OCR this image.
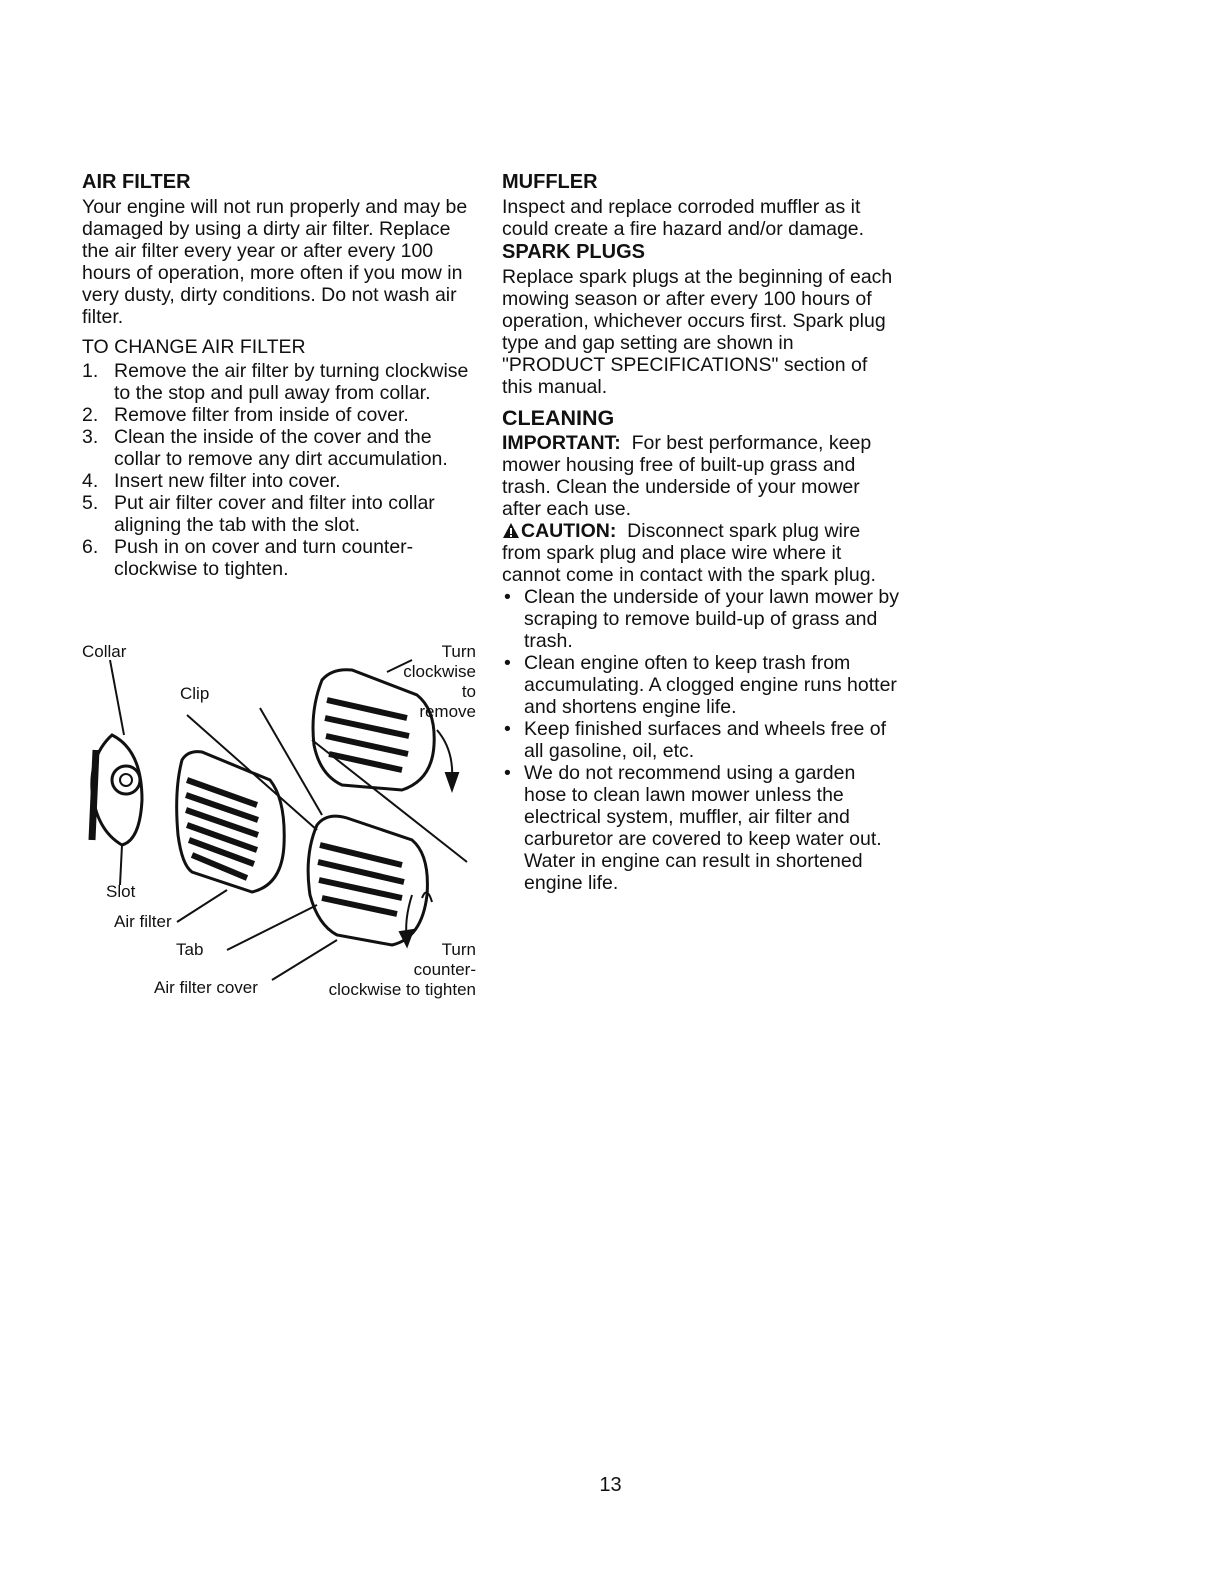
AIR FILTER

Your engine will not run properly and may be damaged by using a dirty air filter. Replace the air filter every year or after every 100 hours of operation, more often if you mow in very dusty, dirty conditions. Do not wash air filter.

TO CHANGE AIR FILTER

1. Remove the air filter by turning clockwise to the stop and pull away from collar.
2. Remove filter from inside of cover.
3. Clean the inside of the cover and the collar to remove any dirt accumulation.
4. Insert new filter into cover.
5. Put air filter cover and filter into collar aligning the tab with the slot.
6. Push in on cover and turn counter-clockwise to tighten.
Collar
Clip
Turn
clockwise
to
remove
Slot
Air filter
Tab
Air filter cover
Turn
counter-
clockwise to tighten
MUFFLER

Inspect and replace corroded muffler as it could create a fire hazard and/or damage.

SPARK PLUGS

Replace spark plugs at the beginning of each mowing season or after every 100 hours of operation, whichever occurs first. Spark plug type and gap setting are shown in "PRODUCT SPECIFICATIONS" section of this manual.

CLEANING

IMPORTANT: For best performance, keep mower housing free of built-up grass and trash. Clean the underside of your mower after each use.

CAUTION: Disconnect spark plug wire from spark plug and place wire where it cannot come in contact with the spark plug.

• Clean the underside of your lawn mower by scraping to remove build-up of grass and trash.
• Clean engine often to keep trash from accumulating. A clogged engine runs hotter and shortens engine life.
• Keep finished surfaces and wheels free of all gasoline, oil, etc.
• We do not recommend using a garden hose to clean lawn mower unless the electrical system, muffler, air filter and carburetor are covered to keep water out. Water in engine can result in shortened engine life.
13
